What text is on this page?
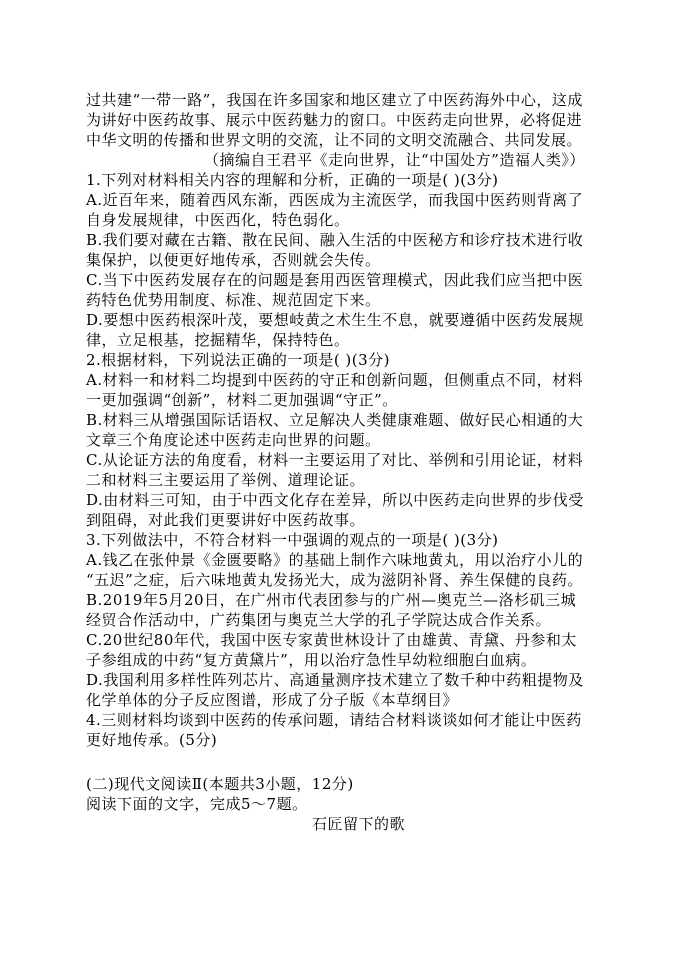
过共建“一带一路”，我国在许多国家和地区建立了中医药海外中心，这成
为讲好中医药故事、展示中医药魅力的窗口。中医药走向世界，必将促进
中华文明的传播和世界文明的交流，让不同的文明交流融合、共同发展。
（摘编自王君平《走向世界，让“中国处方”造福人类》）
1.下列对材料相关内容的理解和分析，正确的一项是( )(3分)
A.近百年来，随着西风东渐，西医成为主流医学，而我国中医药则背离了
自身发展规律，中医西化，特色弱化。
B.我们要对藏在古籍、散在民间、融入生活的中医秘方和诊疗技术进行收
集保护，以便更好地传承，否则就会失传。
C.当下中医药发展存在的问题是套用西医管理模式，因此我们应当把中医
药特色优势用制度、标准、规范固定下来。
D.要想中医药根深叶茂，要想岐黄之术生生不息，就要遵循中医药发展规
律，立足根基，挖掘精华，保持特色。
2.根据材料，下列说法正确的一项是( )(3分)
A.材料一和材料二均提到中医药的守正和创新问题，但侧重点不同，材料
一更加强调“创新”，材料二更加强调“守正”。
B.材料三从增强国际话语权、立足解决人类健康难题、做好民心相通的大
文章三个角度论述中医药走向世界的问题。
C.从论证方法的角度看，材料一主要运用了对比、举例和引用论证，材料
二和材料三主要运用了举例、道理论证。
D.由材料三可知，由于中西文化存在差异，所以中医药走向世界的步伐受
到阻碍，对此我们更要讲好中医药故事。
3.下列做法中，不符合材料一中强调的观点的一项是( )(3分)
A.钱乙在张仲景《金匮要略》的基础上制作六味地黄丸，用以治疗小儿的
“五迟”之症，后六味地黄丸发扬光大，成为滋阴补肾、养生保健的良药。
B.2019年5月20日，在广州市代表团参与的广州—奥克兰—洛杉矶三城
经贸合作活动中，广药集团与奥克兰大学的孔子学院达成合作关系。
C.20世纪80年代，我国中医专家黄世林设计了由雄黄、青黛、丹参和太
子参组成的中药“复方黄黛片”，用以治疗急性早幼粒细胞白血病。
D.我国利用多样性阵列芯片、高通量测序技术建立了数千种中药粗提物及
化学单体的分子反应图谱，形成了分子版《本草纲目》
4.三则材料均谈到中医药的传承问题，请结合材料谈谈如何才能让中医药
更好地传承。(5分)
(二)现代文阅读Ⅱ(本题共3小题，12分)
阅读下面的文字，完成5～7题。
石匠留下的歌
